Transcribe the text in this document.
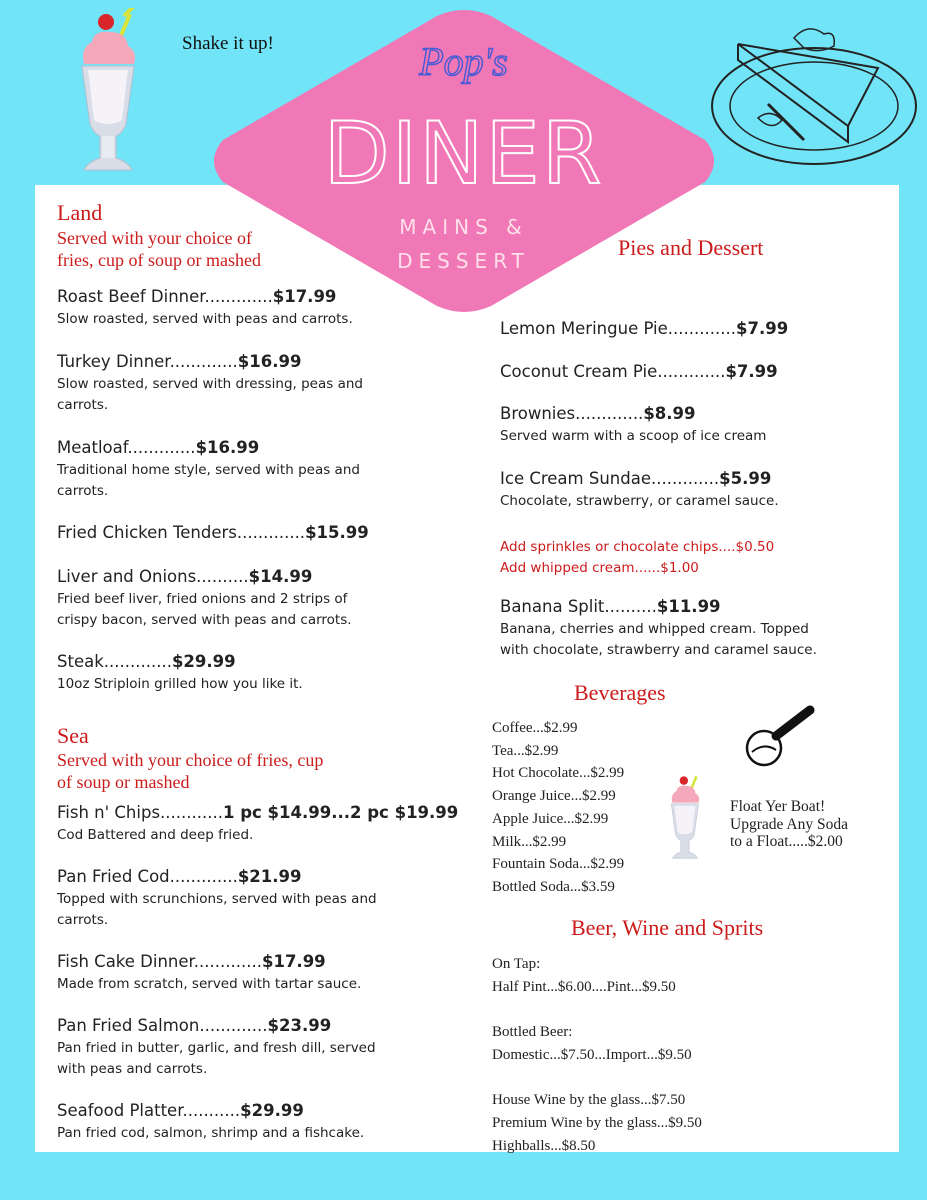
Shake it up!	Pop's
DINER
MAINS &
DESSERT
Land
Served with your choice of
fries, cup of soup or mashed
Roast Beef Dinner.............$17.99
Slow roasted, served with peas and carrots.
Turkey Dinner.............$16.99
Slow roasted, served with dressing, peas and
carrots.
Meatloaf.............$16.99
Traditional home style, served with peas and
carrots.
Fried Chicken Tenders.............$15.99
Liver and Onions..........$14.99
Fried beef liver, fried onions and 2 strips of
crispy bacon, served with peas and carrots.
Steak.............$29.99
10oz Striploin grilled how you like it.
Sea
Served with your choice of fries, cup
of soup or mashed
Fish n' Chips............1 pc $14.99...2 pc $19.99
Cod Battered and deep fried.
Pan Fried Cod.............$21.99
Topped with scrunchions, served with peas and
carrots.
Fish Cake Dinner.............$17.99
Made from scratch, served with tartar sauce.
Pan Fried Salmon.............$23.99
Pan fried in butter, garlic, and fresh dill, served
with peas and carrots.
Seafood Platter...........$29.99
Pan fried cod, salmon, shrimp and a fishcake.
Pies and Dessert
Lemon Meringue Pie.............$7.99
Coconut Cream Pie.............$7.99
Brownies.............$8.99
Served warm with a scoop of ice cream
Ice Cream Sundae.............$5.99
Chocolate, strawberry, or caramel sauce.
Add sprinkles or chocolate chips....$0.50
Add whipped cream......$1.00
Banana Split..........$11.99
Banana, cherries and whipped cream. Topped
with chocolate, strawberry and caramel sauce.
Beverages
Coffee...$2.99
Tea...$2.99
Hot Chocolate...$2.99
Orange Juice...$2.99
Apple Juice...$2.99
Milk...$2.99
Fountain Soda...$2.99
Bottled Soda...$3.59
Float Yer Boat!
Upgrade Any Soda
to a Float.....$2.00
Beer, Wine and Sprits
On Tap:
Half Pint...$6.00....Pint...$9.50
Bottled Beer:
Domestic...$7.50...Import...$9.50
House Wine by the glass...$7.50
Premium Wine by the glass...$9.50
Highballs...$8.50
